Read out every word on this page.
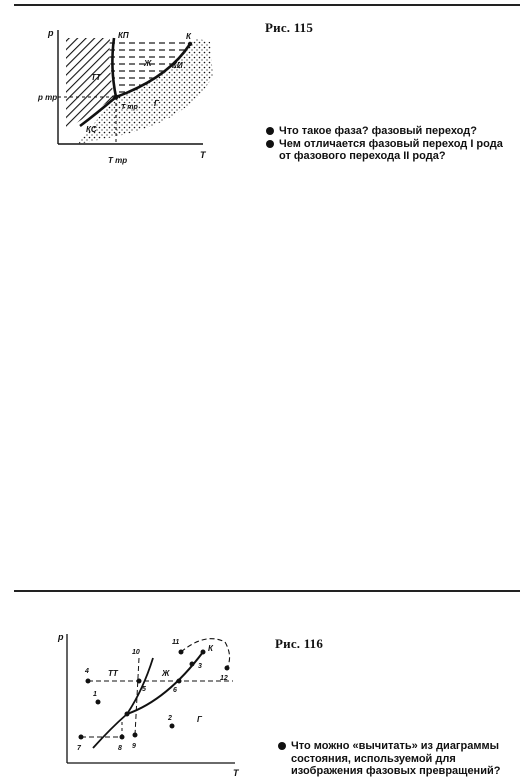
p
T
p тр
T тр
КП	К
ТТ
Ж	КИ
Г
Т тр
КС
Рис. 115
Что такое фаза? фазовый переход?
Чем отличается фазовый переход I рода от фазового перехода II рода?
p
T
К
ТТ	Ж
Г
4
1
10
5	6
3
11
12
2
9
7	8
Рис. 116
Что можно «вычитать» из диаграммы состояния, используемой для изображения фазовых превращений?
